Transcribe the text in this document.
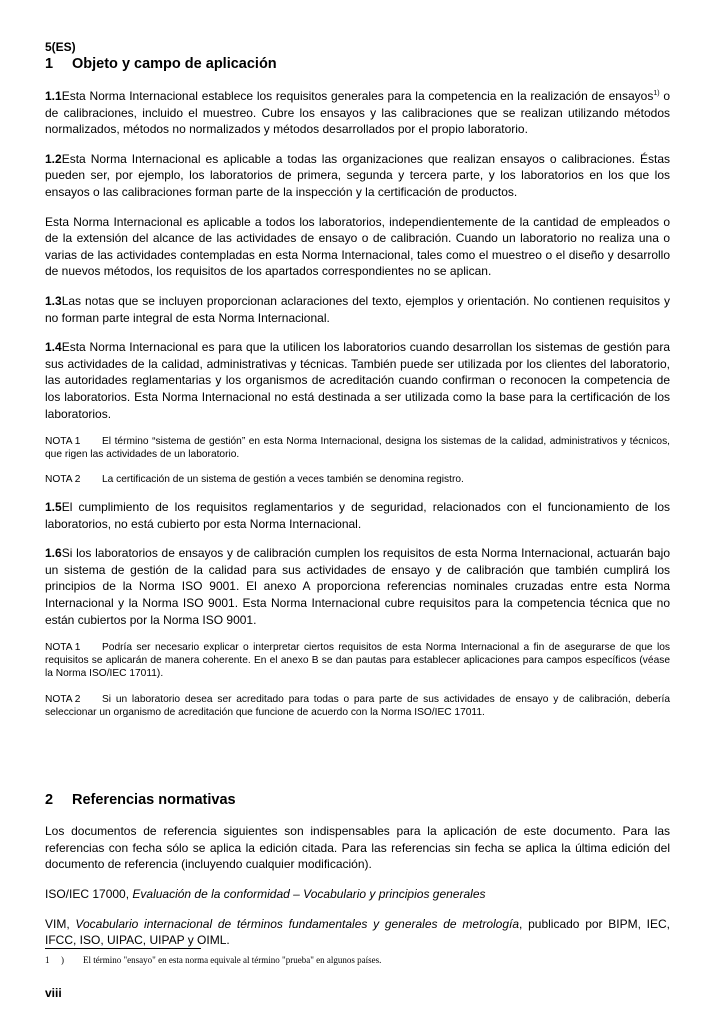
5(ES)
1 Objeto y campo de aplicación

1.1Esta Norma Internacional establece los requisitos generales para la competencia en la realización de ensayos$^{1)}$ o de calibraciones, incluido el muestreo. Cubre los ensayos y las calibraciones que se realizan utilizando métodos normalizados, métodos no normalizados y métodos desarrollados por el propio laboratorio.

1.2Esta Norma Internacional es aplicable a todas las organizaciones que realizan ensayos o calibraciones. Éstas pueden ser, por ejemplo, los laboratorios de primera, segunda y tercera parte, y los laboratorios en los que los ensayos o las calibraciones forman parte de la inspección y la certificación de productos.

Esta Norma Internacional es aplicable a todos los laboratorios, independientemente de la cantidad de empleados o de la extensión del alcance de las actividades de ensayo o de calibración. Cuando un laboratorio no realiza una o varias de las actividades contempladas en esta Norma Internacional, tales como el muestreo o el diseño y desarrollo de nuevos métodos, los requisitos de los apartados correspondientes no se aplican.

1.3Las notas que se incluyen proporcionan aclaraciones del texto, ejemplos y orientación. No contienen requisitos y no forman parte integral de esta Norma Internacional.

1.4Esta Norma Internacional es para que la utilicen los laboratorios cuando desarrollan los sistemas de gestión para sus actividades de la calidad, administrativas y técnicas. También puede ser utilizada por los clientes del laboratorio, las autoridades reglamentarias y los organismos de acreditación cuando confirman o reconocen la competencia de los laboratorios. Esta Norma Internacional no está destinada a ser utilizada como la base para la certificación de los laboratorios.

NOTA 1 El término “sistema de gestión” en esta Norma Internacional, designa los sistemas de la calidad, administrativos y técnicos, que rigen las actividades de un laboratorio.

NOTA 2 La certificación de un sistema de gestión a veces también se denomina registro.

1.5El cumplimiento de los requisitos reglamentarios y de seguridad, relacionados con el funcionamiento de los laboratorios, no está cubierto por esta Norma Internacional.

1.6Si los laboratorios de ensayos y de calibración cumplen los requisitos de esta Norma Internacional, actuarán bajo un sistema de gestión de la calidad para sus actividades de ensayo y de calibración que también cumplirá los principios de la Norma ISO 9001. El anexo A proporciona referencias nominales cruzadas entre esta Norma Internacional y la Norma ISO 9001. Esta Norma Internacional cubre requisitos para la competencia técnica que no están cubiertos por la Norma ISO 9001.

NOTA 1 Podría ser necesario explicar o interpretar ciertos requisitos de esta Norma Internacional a fin de asegurarse de que los requisitos se aplicarán de manera coherente. En el anexo B se dan pautas para establecer aplicaciones para campos específicos (véase la Norma ISO/IEC 17011).

NOTA 2 Si un laboratorio desea ser acreditado para todas o para parte de sus actividades de ensayo y de calibración, debería seleccionar un organismo de acreditación que funcione de acuerdo con la Norma ISO/IEC 17011.

2 Referencias normativas

Los documentos de referencia siguientes son indispensables para la aplicación de este documento. Para las referencias con fecha sólo se aplica la edición citada. Para las referencias sin fecha se aplica la última edición del documento de referencia (incluyendo cualquier modificación).

ISO/IEC 17000, Evaluación de la conformidad – Vocabulario y principios generales

VIM, Vocabulario internacional de términos fundamentales y generales de metrología, publicado por BIPM, IEC, IFCC, ISO, UIPAC, UIPAP y OIML.

1 ) El término "ensayo" en esta norma equivale al término "prueba" en algunos países.
viii
